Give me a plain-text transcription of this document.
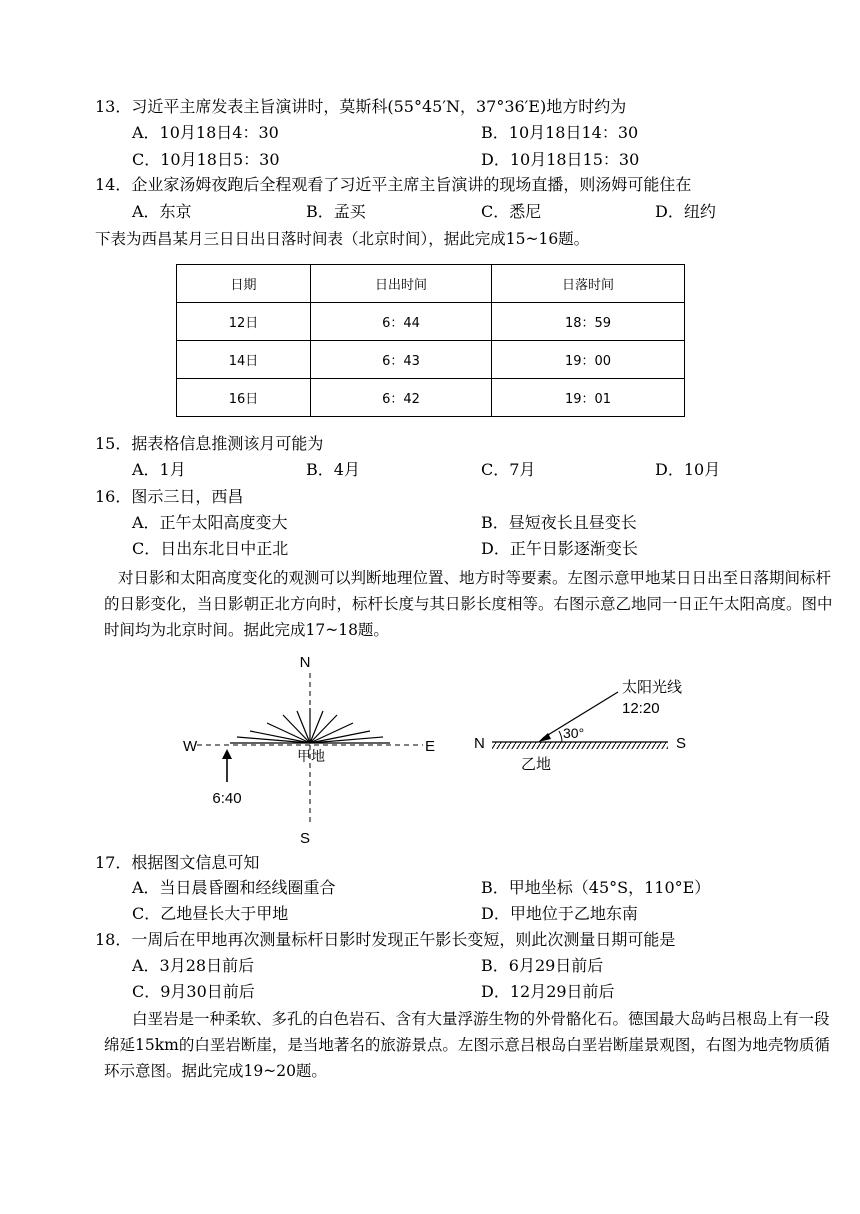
13．习近平主席发表主旨演讲时，莫斯科(55°45′N，37°36′E)地方时约为
A．10月18日4：30	B．10月18日14：30
C．10月18日5：30	D．10月18日15：30
14．企业家汤姆夜跑后全程观看了习近平主席主旨演讲的现场直播，则汤姆可能住在
A．东京	B．孟买	C．悉尼	D．纽约
下表为西昌某月三日日出日落时间表（北京时间），据此完成15~16题。
日期	日出时间	日落时间
12日	6：44	18：59
14日	6：43	19：00
16日	6：42	19：01
15．据表格信息推测该月可能为
A．1月	B．4月	C．7月	D．10月
16．图示三日，西昌
A．正午太阳高度变大	B．昼短夜长且昼变长
C．日出东北日中正北	D．正午日影逐渐变长
对日影和太阳高度变化的观测可以判断地理位置、地方时等要素。左图示意甲地某日日出至日落期间标杆的日影变化，当日影朝正北方向时，标杆长度与其日影长度相等。右图示意乙地同一日正午太阳高度。图中时间均为北京时间。据此完成17~18题。
N
S
W	E
甲地
6:40
N	S
太阳光线
12:20
30°
乙地
17．根据图文信息可知
A．当日晨昏圈和经线圈重合	B．甲地坐标（45°S，110°E）
C．乙地昼长大于甲地	D．甲地位于乙地东南
18．一周后在甲地再次测量标杆日影时发现正午影长变短，则此次测量日期可能是
A．3月28日前后	B．6月29日前后
C．9月30日前后	D．12月29日前后
白垩岩是一种柔软、多孔的白色岩石、含有大量浮游生物的外骨骼化石。德国最大岛屿吕根岛上有一段绵延15km的白垩岩断崖，是当地著名的旅游景点。左图示意吕根岛白垩岩断崖景观图，右图为地壳物质循环示意图。据此完成19~20题。
